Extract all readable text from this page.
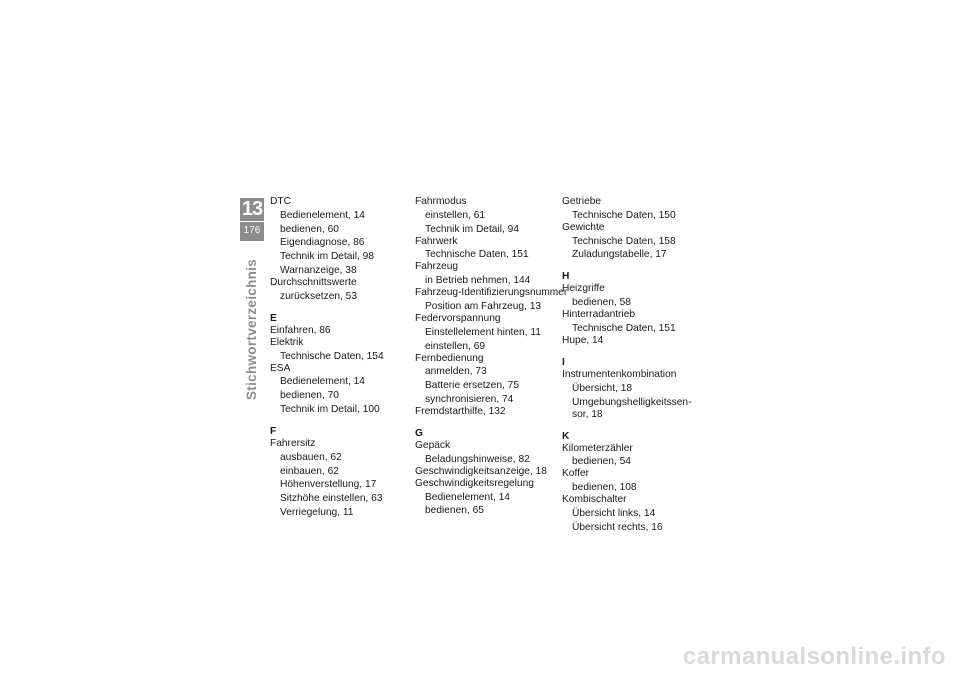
13
176
Stichwortverzeichnis
DTC
Bedienelement, 14
bedienen, 60
Eigendiagnose, 86
Technik im Detail, 98
Warnanzeige, 38
Durchschnittswerte
zurücksetzen, 53
E
Einfahren, 86
Elektrik
Technische Daten, 154
ESA
Bedienelement, 14
bedienen, 70
Technik im Detail, 100
F
Fahrersitz
ausbauen, 62
einbauen, 62
Höhenverstellung, 17
Sitzhöhe einstellen, 63
Verriegelung, 11
Fahrmodus
einstellen, 61
Technik im Detail, 94
Fahrwerk
Technische Daten, 151
Fahrzeug
in Betrieb nehmen, 144
Fahrzeug-Identifizierungsnummer
Position am Fahrzeug, 13
Federvorspannung
Einstellelement hinten, 11
einstellen, 69
Fernbedienung
anmelden, 73
Batterie ersetzen, 75
synchronisieren, 74
Fremdstarthilfe, 132
G
Gepäck
Beladungshinweise, 82
Geschwindigkeitsanzeige, 18
Geschwindigkeitsregelung
Bedienelement, 14
bedienen, 65
Getriebe
Technische Daten, 150
Gewichte
Technische Daten, 158
Zuladungstabelle, 17
H
Heizgriffe
bedienen, 58
Hinterradantrieb
Technische Daten, 151
Hupe, 14
I
Instrumentenkombination
Übersicht, 18
Umgebungshelligkeitssen-
sor, 18
K
Kilometerzähler
bedienen, 54
Koffer
bedienen, 108
Kombischalter
Übersicht links, 14
Übersicht rechts, 16
carmanualsonline.info
